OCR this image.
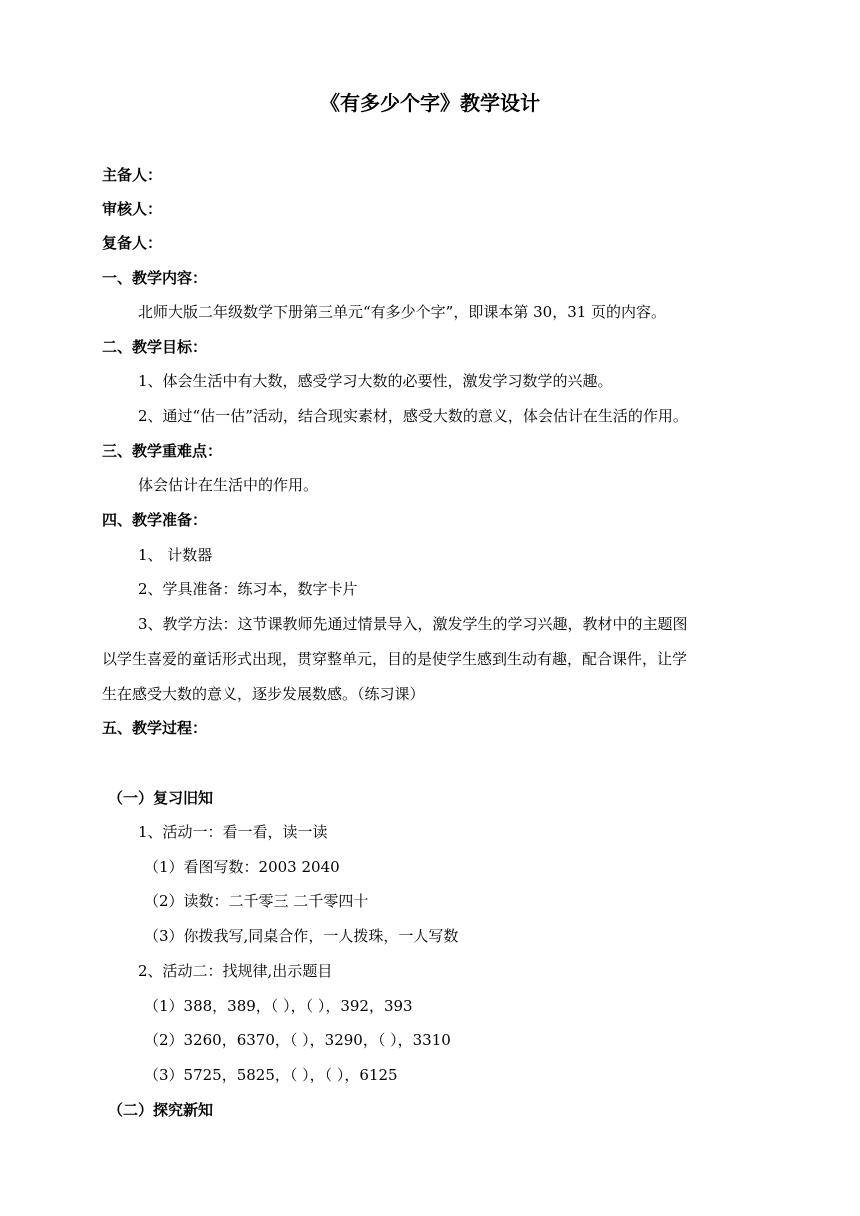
《有多少个字》教学设计
主备人：
审核人：
复备人：
一、教学内容：
北师大版二年级数学下册第三单元“有多少个字”，即课本第 30，31 页的内容。
二、教学目标：
1、体会生活中有大数，感受学习大数的必要性，激发学习数学的兴趣。
2、通过“估一估”活动，结合现实素材，感受大数的意义，体会估计在生活的作用。
三、教学重难点：
体会估计在生活中的作用。
四、教学准备：
1、 计数器
2、学具准备：练习本，数字卡片
3、教学方法：这节课教师先通过情景导入，激发学生的学习兴趣，教材中的主题图
以学生喜爱的童话形式出现，贯穿整单元，目的是使学生感到生动有趣，配合课件，让学
生在感受大数的意义，逐步发展数感。（练习课）
五、教学过程：
（一）复习旧知
1、活动一：看一看，读一读
（1）看图写数：2003 2040
（2）读数：二千零三 二千零四十
（3）你拨我写,同桌合作，一人拨珠，一人写数
2、活动二：找规律,出示题目
（1）388，389，（ ），（ ），392，393
（2）3260，6370，（ ），3290，（ ），3310
（3）5725，5825，（ ），（ ），6125
（二）探究新知
